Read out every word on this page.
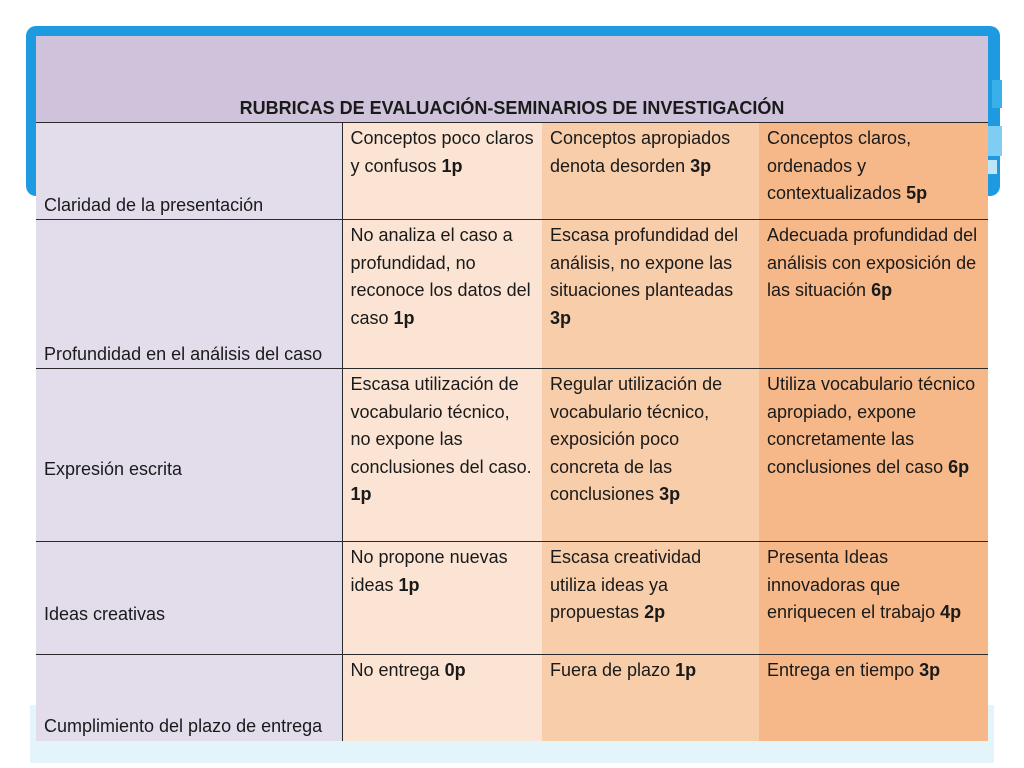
RUBRICAS DE EVALUACIÓN-SEMINARIOS DE INVESTIGACIÓN			
Claridad de la presentación	Conceptos poco claros y confusos 1p	Conceptos apropiados denota desorden 3p	Conceptos claros, ordenados y contextualizados 5p
Profundidad en el análisis del caso	No analiza el caso a profundidad, no reconoce los datos del caso 1p	Escasa profundidad del análisis, no expone las situaciones planteadas 3p	Adecuada profundidad del análisis con exposición de las situación 6p
Expresión escrita	Escasa utilización de vocabulario técnico, no expone las conclusiones del caso. 1p	Regular utilización de vocabulario técnico, exposición poco concreta de las conclusiones 3p	Utiliza vocabulario técnico apropiado, expone concretamente las conclusiones del caso 6p
Ideas creativas	No propone nuevas ideas 1p	Escasa creatividad utiliza ideas ya propuestas 2p	Presenta Ideas innovadoras que enriquecen el trabajo 4p
Cumplimiento del plazo de entrega	No entrega 0p	Fuera de plazo 1p	Entrega en tiempo 3p
